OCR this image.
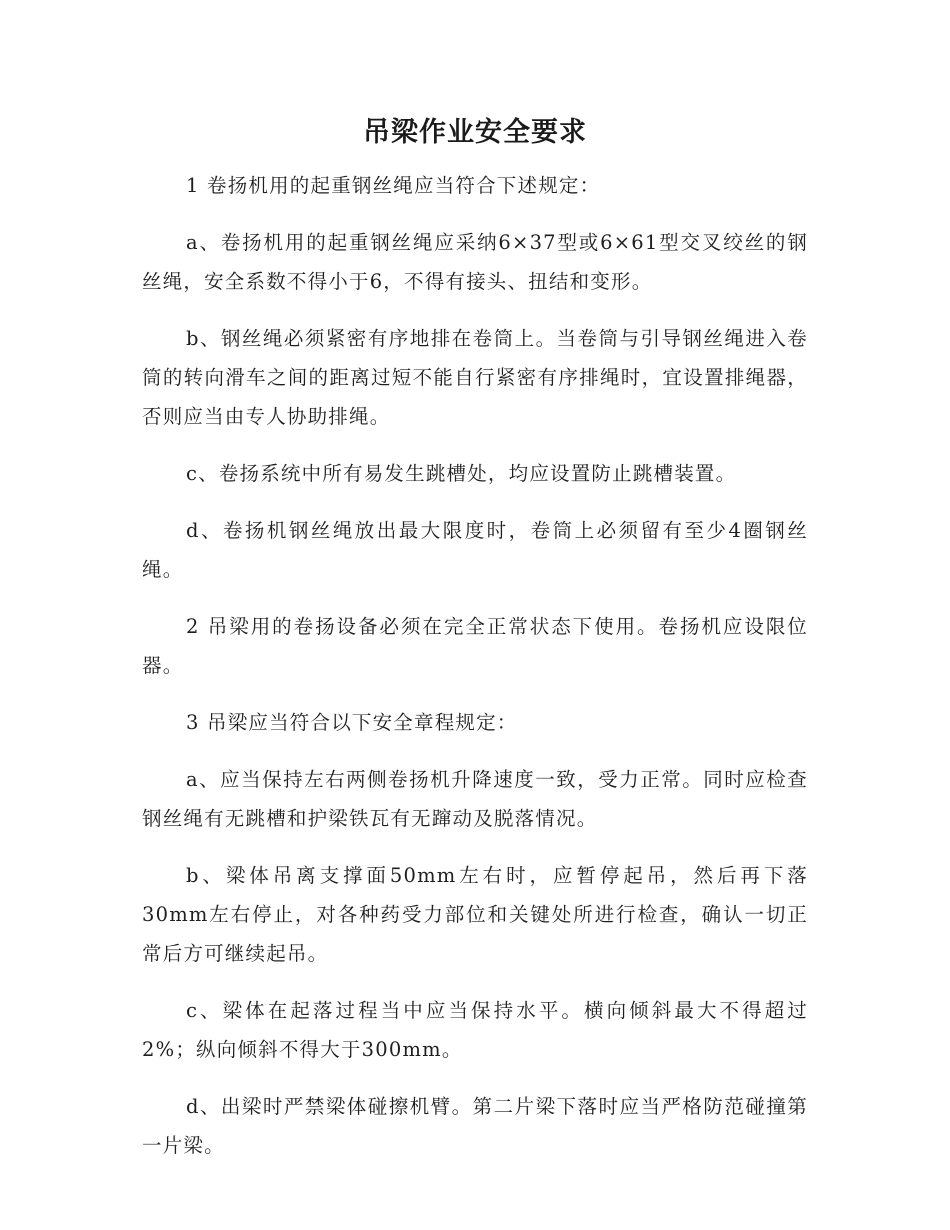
吊梁作业安全要求

1 卷扬机用的起重钢丝绳应当符合下述规定：

a、卷扬机用的起重钢丝绳应采纳6×37型或6×61型交叉绞丝的钢丝绳，安全系数不得小于6，不得有接头、扭结和变形。

b、钢丝绳必须紧密有序地排在卷筒上。当卷筒与引导钢丝绳进入卷筒的转向滑车之间的距离过短不能自行紧密有序排绳时，宜设置排绳器，否则应当由专人协助排绳。

c、卷扬系统中所有易发生跳槽处，均应设置防止跳槽装置。

d、卷扬机钢丝绳放出最大限度时，卷筒上必须留有至少4圈钢丝绳。

2 吊梁用的卷扬设备必须在完全正常状态下使用。卷扬机应设限位器。

3 吊梁应当符合以下安全章程规定：

a、应当保持左右两侧卷扬机升降速度一致，受力正常。同时应检查钢丝绳有无跳槽和护梁铁瓦有无蹿动及脱落情况。

b、梁体吊离支撑面50mm左右时，应暂停起吊，然后再下落30mm左右停止，对各种药受力部位和关键处所进行检查，确认一切正常后方可继续起吊。

c、梁体在起落过程当中应当保持水平。横向倾斜最大不得超过2%；纵向倾斜不得大于300mm。

d、出梁时严禁梁体碰擦机臂。第二片梁下落时应当严格防范碰撞第一片梁。
